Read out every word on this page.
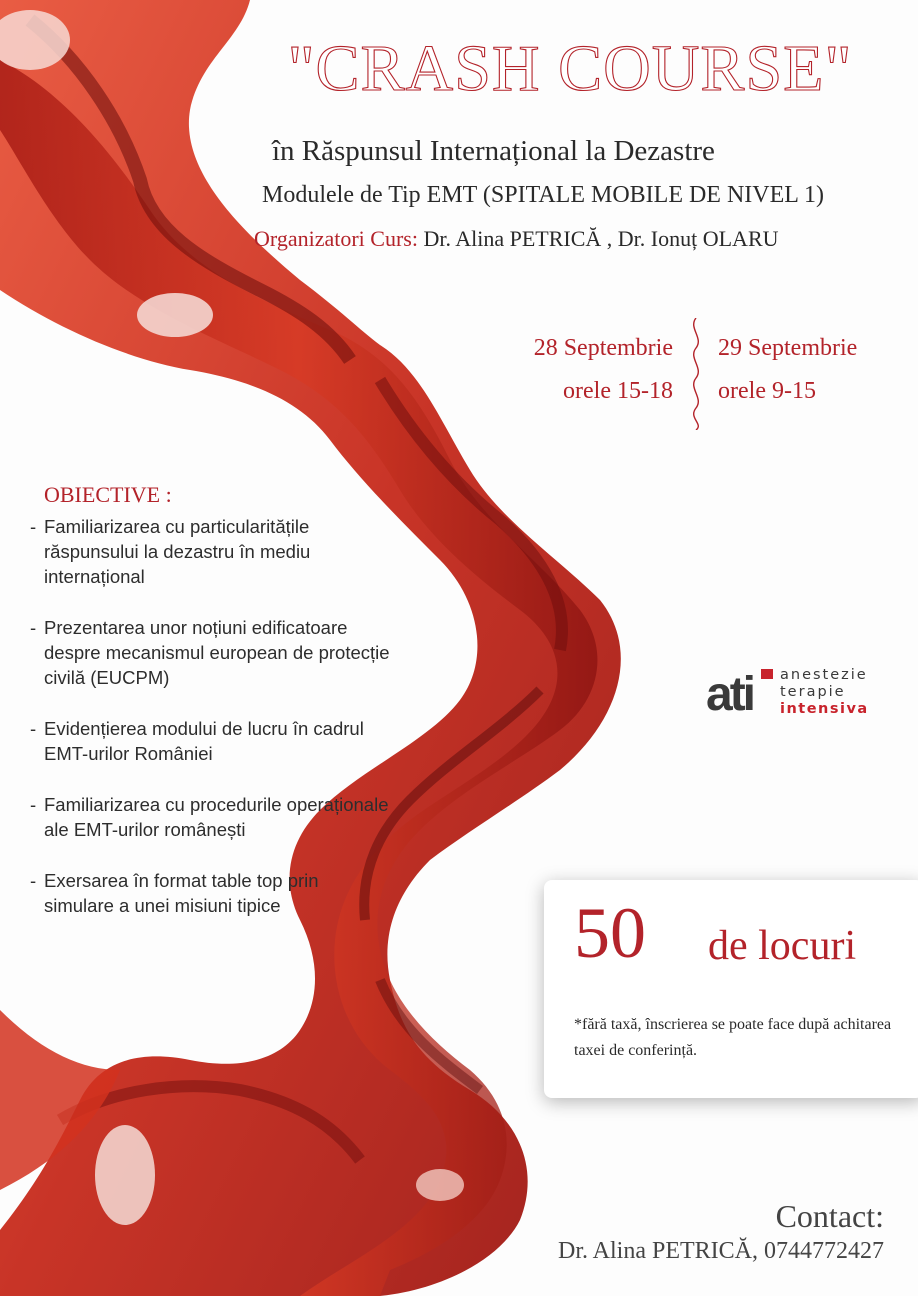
"CRASH COURSE"
în Răspunsul Internațional la Dezastre
Modulele de Tip EMT (SPITALE MOBILE DE NIVEL 1)
Organizatori Curs: Dr. Alina PETRICĂ , Dr. Ionuț OLARU
28 Septembrie
orele 15-18
29 Septembrie
orele 9-15
OBIECTIVE :
- Familiarizarea cu particularitățile răspunsului la dezastru în mediu internațional
- Prezentarea unor noțiuni edificatoare despre mecanismul european de protecție civilă (EUCPM)
- Evidențierea modului de lucru în cadrul EMT-urilor României
- Familiarizarea cu procedurile operaționale ale EMT-urilor românești
- Exersarea în format table top prin simulare a unei misiuni tipice
ati anestezie
terapie
intensiva
50 de locuri
*fără taxă, înscrierea se poate face după achitarea taxei de conferință.
Contact:
Dr. Alina PETRICĂ, 0744772427
